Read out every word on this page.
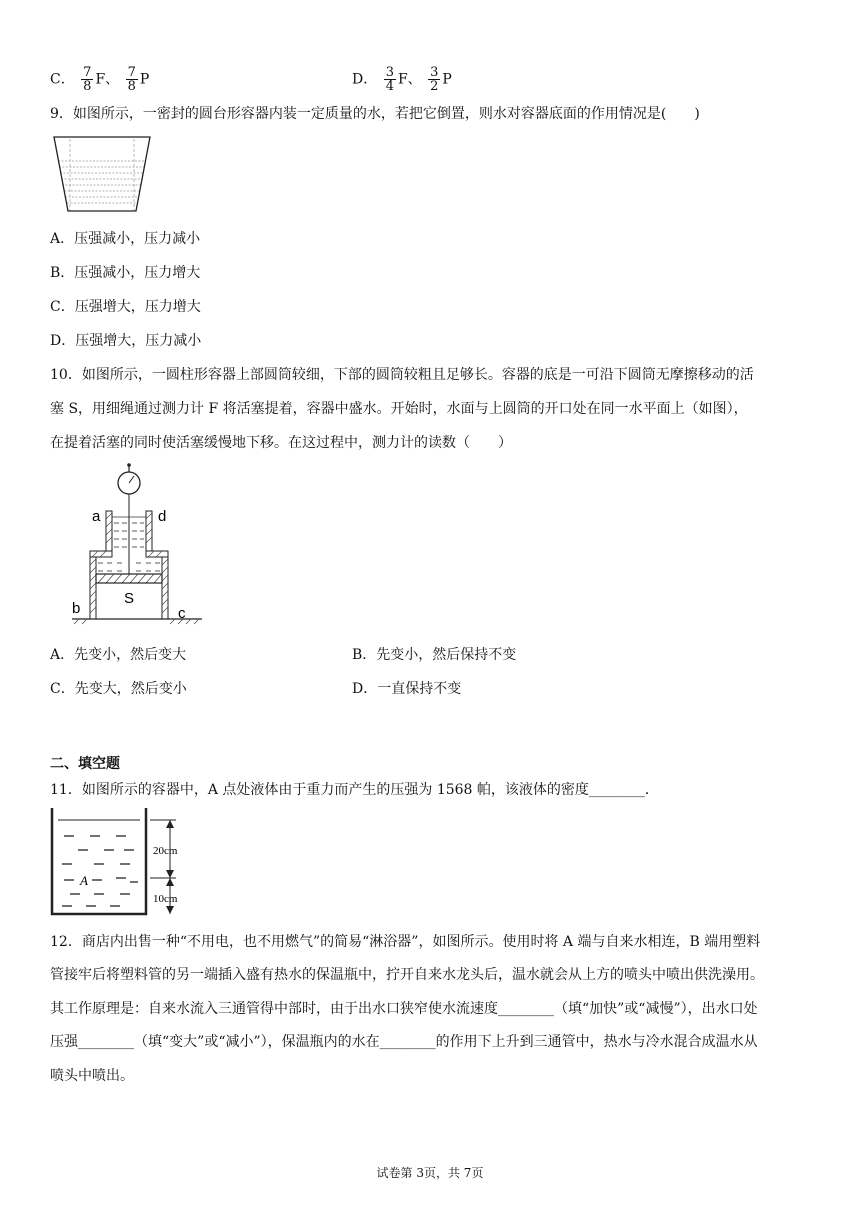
C． $\frac{7}{8}$ F、 $\frac{7}{8}$ P	D． $\frac{3}{4}$ F、 $\frac{3}{2}$ P
9．如图所示，一密封的圆台形容器内装一定质量的水，若把它倒置，则水对容器底面的作用情况是(　　)
A．压强减小，压力减小
B．压强减小，压力增大
C．压强增大，压力增大
D．压强增大，压力减小
10．如图所示，一圆柱形容器上部圆筒较细，下部的圆筒较粗且足够长。容器的底是一可沿下圆筒无摩擦移动的活
塞 S，用细绳通过测力计 F 将活塞提着，容器中盛水。开始时，水面与上圆筒的开口处在同一水平面上（如图），
在提着活塞的同时使活塞缓慢地下移。在这过程中，测力计的读数（　　）
a	d
S
b	c
A．先变小，然后变大	B．先变小，然后保持不变
C．先变大，然后变小	D．一直保持不变
二、填空题
11．如图所示的容器中，A 点处液体由于重力而产生的压强为 1568 帕，该液体的密度________．
A
20cm
10cm
12．商店内出售一种“不用电，也不用燃气”的简易“淋浴器”，如图所示。使用时将 A 端与自来水相连，B 端用塑料
管接牢后将塑料管的另一端插入盛有热水的保温瓶中，拧开自来水龙头后，温水就会从上方的喷头中喷出供洗澡用。
其工作原理是：自来水流入三通管得中部时，由于出水口狭窄使水流速度________（填“加快”或“减慢”），出水口处
压强________（填“变大”或“减小”），保温瓶内的水在________的作用下上升到三通管中，热水与冷水混合成温水从
喷头中喷出。
试卷第 3页，共 7页
